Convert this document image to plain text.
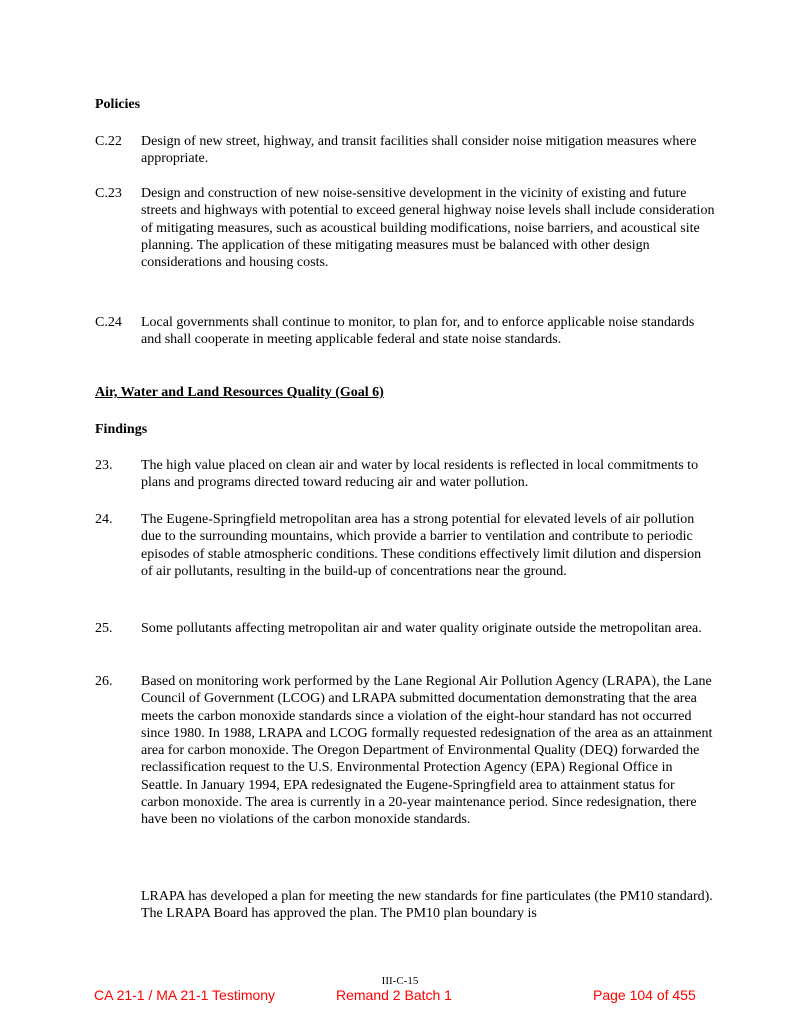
Policies
C.22	Design of new street, highway, and transit facilities shall consider noise mitigation measures where appropriate.
C.23	Design and construction of new noise-sensitive development in the vicinity of existing and future streets and highways with potential to exceed general highway noise levels shall include consideration of mitigating measures, such as acoustical building modifications, noise barriers, and acoustical site planning. The application of these mitigating measures must be balanced with other design considerations and housing costs.
C.24	Local governments shall continue to monitor, to plan for, and to enforce applicable noise standards and shall cooperate in meeting applicable federal and state noise standards.
Air, Water and Land Resources Quality (Goal 6)
Findings
23.	The high value placed on clean air and water by local residents is reflected in local commitments to plans and programs directed toward reducing air and water pollution.
24.	The Eugene-Springfield metropolitan area has a strong potential for elevated levels of air pollution due to the surrounding mountains, which provide a barrier to ventilation and contribute to periodic episodes of stable atmospheric conditions. These conditions effectively limit dilution and dispersion of air pollutants, resulting in the build-up of concentrations near the ground.
25.	Some pollutants affecting metropolitan air and water quality originate outside the metropolitan area.
26.	Based on monitoring work performed by the Lane Regional Air Pollution Agency (LRAPA), the Lane Council of Government (LCOG) and LRAPA submitted documentation demonstrating that the area meets the carbon monoxide standards since a violation of the eight-hour standard has not occurred since 1980. In 1988, LRAPA and LCOG formally requested redesignation of the area as an attainment area for carbon monoxide. The Oregon Department of Environmental Quality (DEQ) forwarded the reclassification request to the U.S. Environmental Protection Agency (EPA) Regional Office in Seattle. In January 1994, EPA redesignated the Eugene-Springfield area to attainment status for carbon monoxide. The area is currently in a 20-year maintenance period. Since redesignation, there have been no violations of the carbon monoxide standards.
LRAPA has developed a plan for meeting the new standards for fine particulates (the PM10 standard). The LRAPA Board has approved the plan. The PM10 plan boundary is
III-C-15
CA 21-1 / MA 21-1 Testimony	Remand 2 Batch 1	Page 104 of 455
